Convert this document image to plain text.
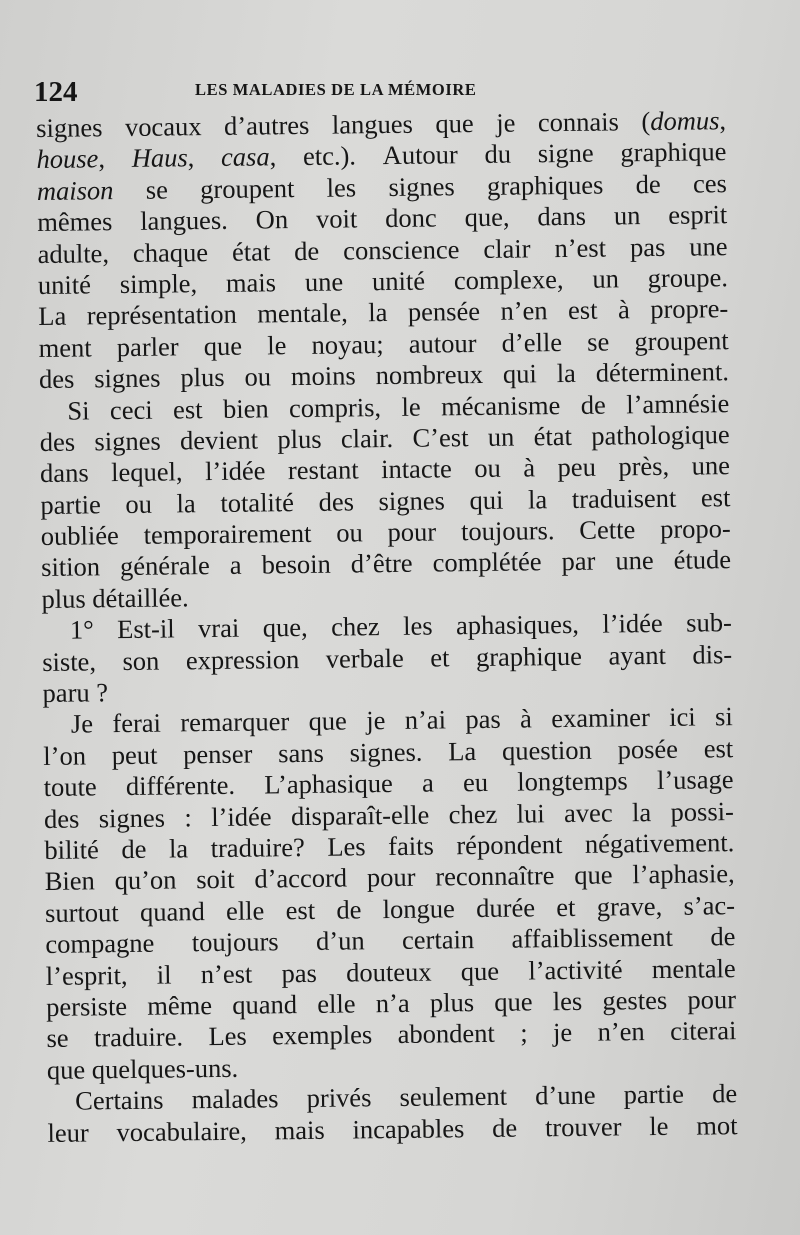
124	LES MALADIES DE LA MÉMOIRE
signes vocaux d’autres langues que je connais (domus,
house, Haus, casa, etc.). Autour du signe graphique
maison se groupent les signes graphiques de ces
mêmes langues. On voit donc que, dans un esprit
adulte, chaque état de conscience clair n’est pas une
unité simple, mais une unité complexe, un groupe.
La représentation mentale, la pensée n’en est à propre-
ment parler que le noyau; autour d’elle se groupent
des signes plus ou moins nombreux qui la déterminent.
Si ceci est bien compris, le mécanisme de l’amnésie
des signes devient plus clair. C’est un état pathologique
dans lequel, l’idée restant intacte ou à peu près, une
partie ou la totalité des signes qui la traduisent est
oubliée temporairement ou pour toujours. Cette propo-
sition générale a besoin d’être complétée par une étude
plus détaillée.
1° Est-il vrai que, chez les aphasiques, l’idée sub-
siste, son expression verbale et graphique ayant dis-
paru ?
Je ferai remarquer que je n’ai pas à examiner ici si
l’on peut penser sans signes. La question posée est
toute différente. L’aphasique a eu longtemps l’usage
des signes : l’idée disparaît-elle chez lui avec la possi-
bilité de la traduire? Les faits répondent négativement.
Bien qu’on soit d’accord pour reconnaître que l’aphasie,
surtout quand elle est de longue durée et grave, s’ac-
compagne toujours d’un certain affaiblissement de
l’esprit, il n’est pas douteux que l’activité mentale
persiste même quand elle n’a plus que les gestes pour
se traduire. Les exemples abondent ; je n’en citerai
que quelques-uns.
Certains malades privés seulement d’une partie de
leur vocabulaire, mais incapables de trouver le mot
